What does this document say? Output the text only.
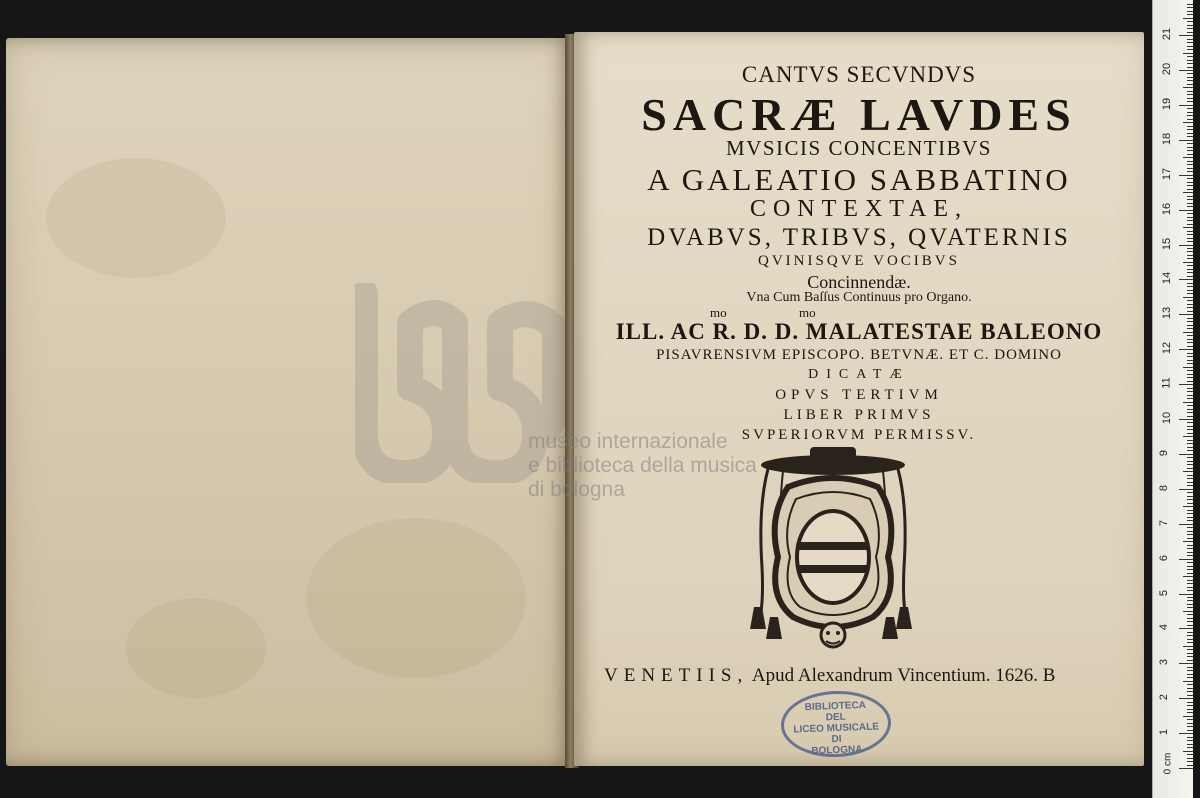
museo internazionale
e biblioteca della musica
di bologna
CANTVS SECVNDVS
SACRÆ LAVDES
MVSICIS CONCENTIBVS
A GALEATIO SABBATINO
CONTEXTAE,
DVABVS, TRIBVS, QVATERNIS
QVINISQVE VOCIBVS
Concinnendæ.
Vna Cum Baſſus Continuus pro Organo.
mo	mo
ILL. AC R. D. D. MALATESTAE BALEONO
PISAVRENSIVM EPISCOPO. BETVNÆ. ET C. DOMINO
DICATÆ
OPVS TERTIVM
LIBER PRIMVS
SVPERIORVM PERMISSV.
VENETIIS, Apud Alexandrum Vincentium. 1626. B
BIBLIOTECA
DEL
LICEO MUSICALE
DI
BOLOGNA
0 cm
1
2
3
4
5
6
7
8
9
10
11
12
13
14
15
16
17
18
19
20
21
